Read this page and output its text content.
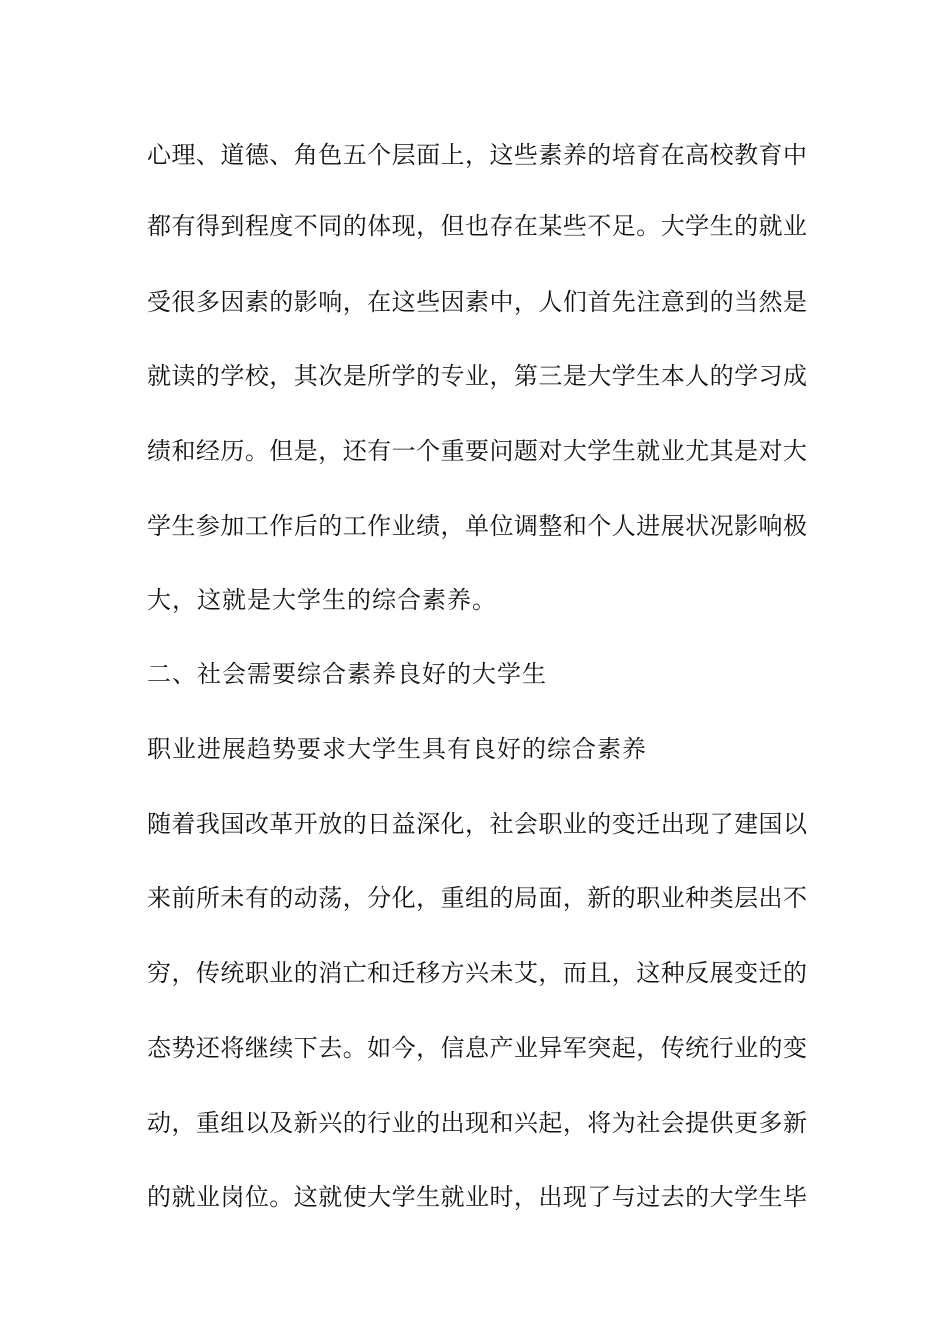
心理、道德、角色五个层面上，这些素养的培育在高校教育中
都有得到程度不同的体现，但也存在某些不足。大学生的就业
受很多因素的影响，在这些因素中，人们首先注意到的当然是
就读的学校，其次是所学的专业，第三是大学生本人的学习成
绩和经历。但是，还有一个重要问题对大学生就业尤其是对大
学生参加工作后的工作业绩，单位调整和个人进展状况影响极
大，这就是大学生的综合素养。
二、社会需要综合素养良好的大学生
职业进展趋势要求大学生具有良好的综合素养
随着我国改革开放的日益深化，社会职业的变迁出现了建国以
来前所未有的动荡，分化，重组的局面，新的职业种类层出不
穷，传统职业的消亡和迁移方兴未艾，而且，这种反展变迁的
态势还将继续下去。如今，信息产业异军突起，传统行业的变
动，重组以及新兴的行业的出现和兴起，将为社会提供更多新
的就业岗位。这就使大学生就业时，出现了与过去的大学生毕
